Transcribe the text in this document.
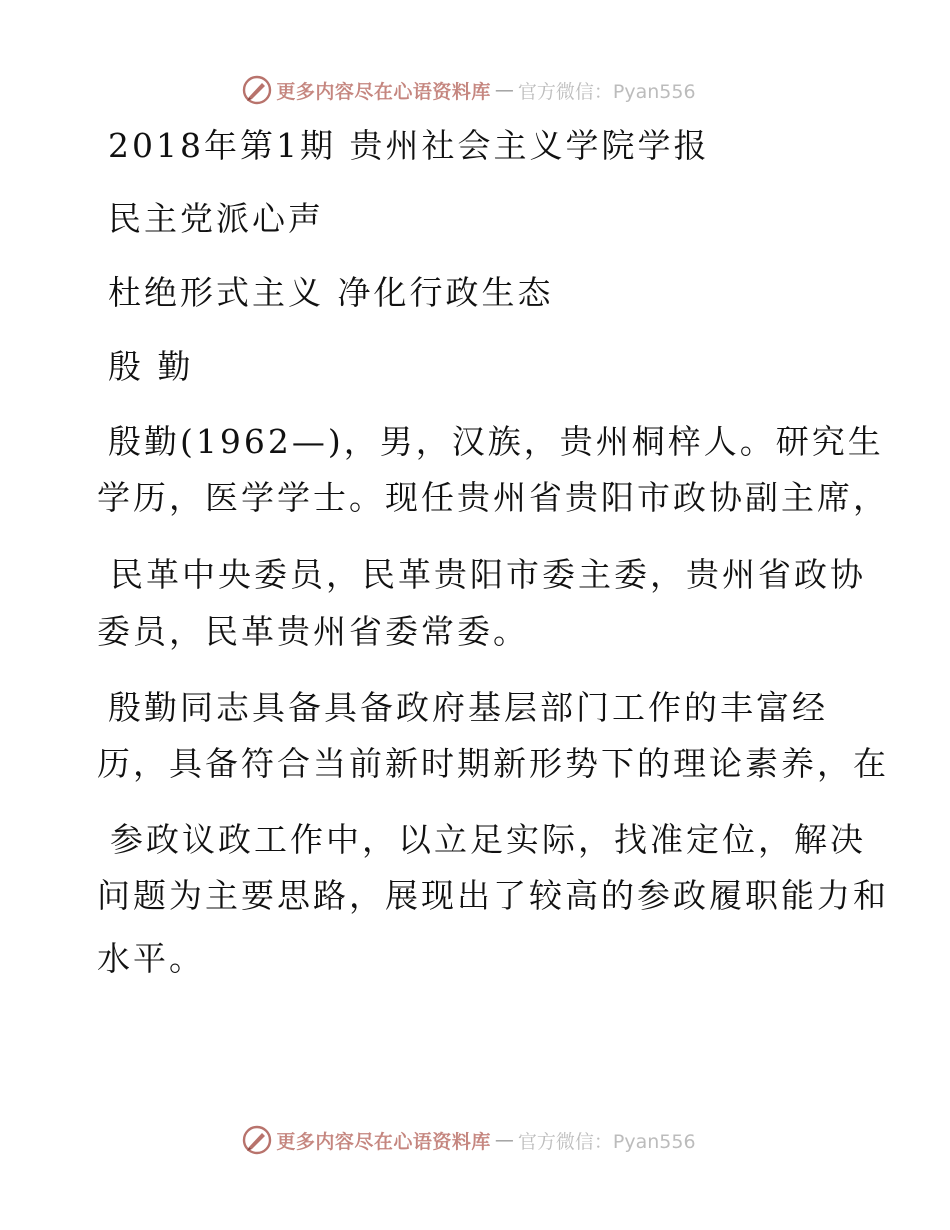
更多内容尽在心语资料库 — 官方微信：Pyan556
2018年第1期 贵州社会主义学院学报
民主党派心声
杜绝形式主义 净化行政生态
殷 勤
殷勤(1962—)，男，汉族，贵州桐梓人。研究生
学历，医学学士。现任贵州省贵阳市政协副主席，
民革中央委员，民革贵阳市委主委，贵州省政协
委员，民革贵州省委常委。
殷勤同志具备具备政府基层部门工作的丰富经
历，具备符合当前新时期新形势下的理论素养，在
参政议政工作中，以立足实际，找准定位，解决
问题为主要思路，展现出了较高的参政履职能力和
水平。
更多内容尽在心语资料库 — 官方微信：Pyan556
